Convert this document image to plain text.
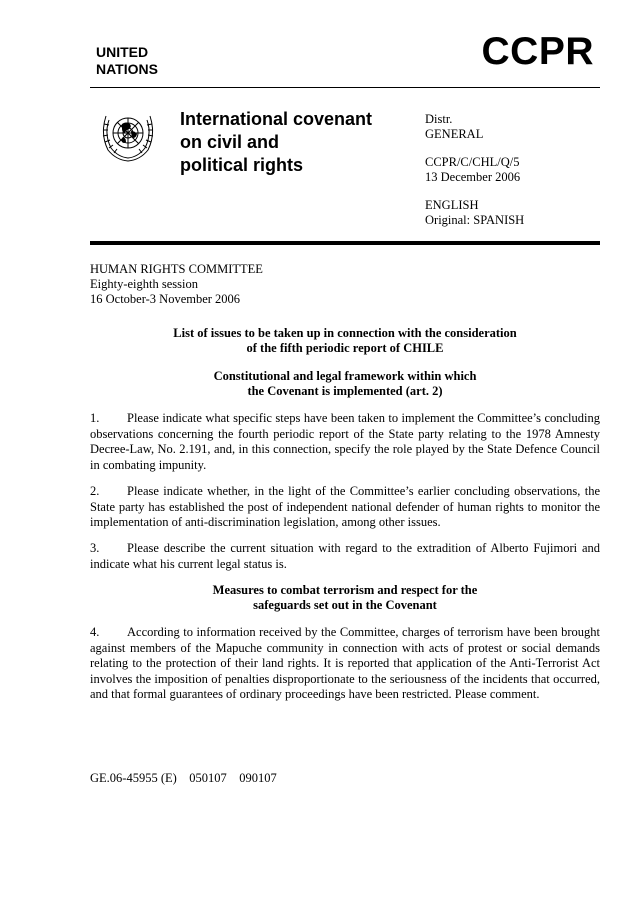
UNITED
NATIONS	CCPR
International covenant
on civil and
political rights

Distr.

GENERAL

CCPR/C/CHL/Q/5

13 December 2006

ENGLISH

Original: SPANISH

HUMAN RIGHTS COMMITTEE

Eighty-eighth session

16 October-3 November 2006

List of issues to be taken up in connection with the consideration

of the fifth periodic report of CHILE

Constitutional and legal framework within which

the Covenant is implemented (art. 2)

1. Please indicate what specific steps have been taken to implement the Committee’s concluding observations concerning the fourth periodic report of the State party relating to the 1978 Amnesty Decree-Law, No. 2.191, and, in this connection, specify the role played by the State Defence Council in combating impunity.
2. Please indicate whether, in the light of the Committee’s earlier concluding observations, the State party has established the post of independent national defender of human rights to monitor the implementation of anti-discrimination legislation, among other issues.
3. Please describe the current situation with regard to the extradition of Alberto Fujimori and indicate what his current legal status is.

Measures to combat terrorism and respect for the

safeguards set out in the Covenant

4. According to information received by the Committee, charges of terrorism have been brought against members of the Mapuche community in connection with acts of protest or social demands relating to the protection of their land rights. It is reported that application of the Anti-Terrorist Act involves the imposition of penalties disproportionate to the seriousness of the incidents that occurred, and that formal guarantees of ordinary proceedings have been restricted. Please comment.
GE.06-45955 (E)    050107    090107
